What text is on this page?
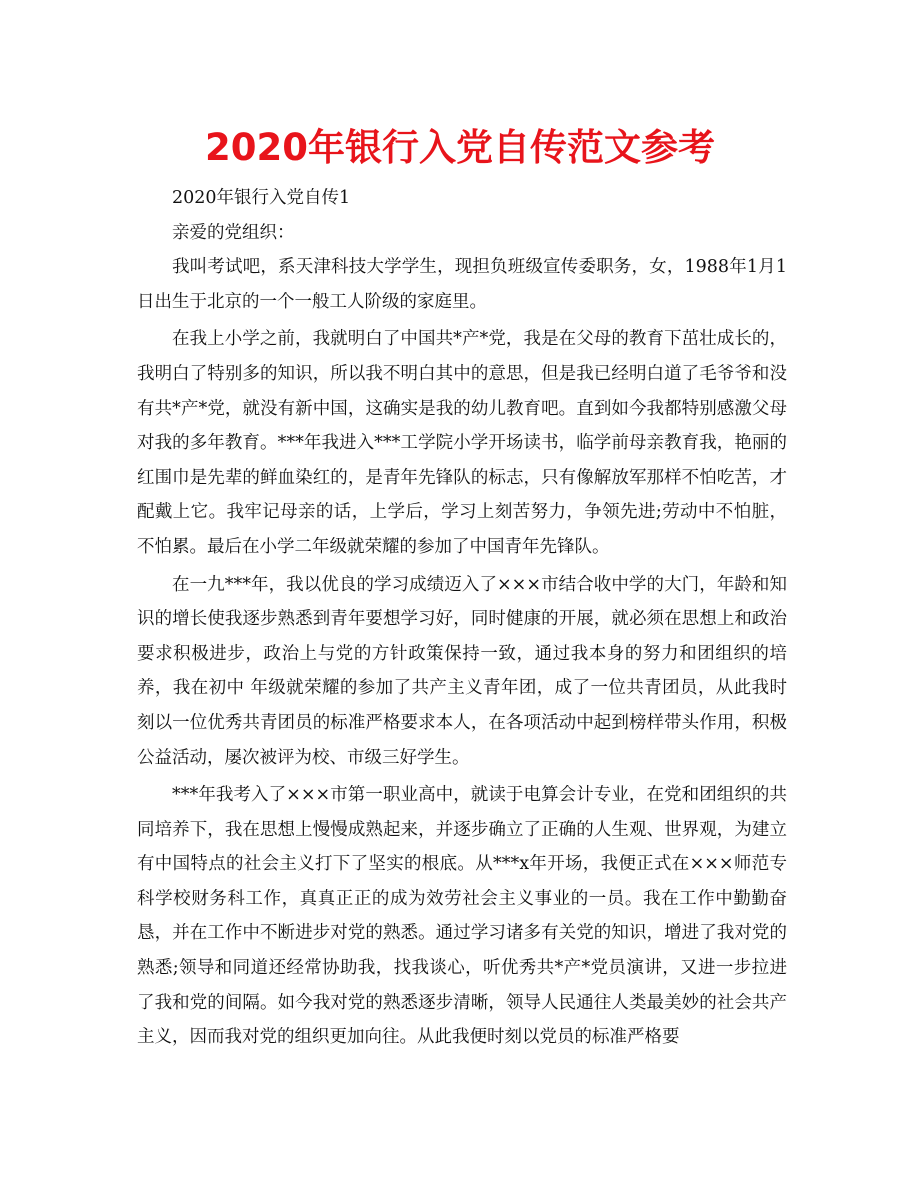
2020年银行入党自传范文参考

2020年银行入党自传1

亲爱的党组织：

我叫考试吧，系天津科技大学学生，现担负班级宣传委职务，女，1988年1月1日出生于北京的一个一般工人阶级的家庭里。

在我上小学之前，我就明白了中国共*产*党，我是在父母的教育下茁壮成长的，我明白了特别多的知识，所以我不明白其中的意思，但是我已经明白道了毛爷爷和没有共*产*党，就没有新中国，这确实是我的幼儿教育吧。直到如今我都特别感激父母对我的多年教育。***年我进入***工学院小学开场读书，临学前母亲教育我，艳丽的红围巾是先辈的鲜血染红的，是青年先锋队的标志，只有像解放军那样不怕吃苦，才配戴上它。我牢记母亲的话，上学后，学习上刻苦努力，争领先进;劳动中不怕脏，不怕累。最后在小学二年级就荣耀的参加了中国青年先锋队。

在一九***年，我以优良的学习成绩迈入了×××市结合收中学的大门，年龄和知识的增长使我逐步熟悉到青年要想学习好，同时健康的开展，就必须在思想上和政治要求积极进步，政治上与党的方针政策保持一致，通过我本身的努力和团组织的培养，我在初中 年级就荣耀的参加了共产主义青年团，成了一位共青团员，从此我时刻以一位优秀共青团员的标准严格要求本人，在各项活动中起到榜样带头作用，积极公益活动，屡次被评为校、市级三好学生。

***年我考入了×××市第一职业高中，就读于电算会计专业，在党和团组织的共同培养下，我在思想上慢慢成熟起来，并逐步确立了正确的人生观、世界观，为建立有中国特点的社会主义打下了坚实的根底。从***x年开场，我便正式在×××师范专科学校财务科工作，真真正正的成为效劳社会主义事业的一员。我在工作中勤勤奋恳，并在工作中不断进步对党的熟悉。通过学习诸多有关党的知识，增进了我对党的熟悉;领导和同道还经常协助我，找我谈心，听优秀共*产*党员演讲，又进一步拉进了我和党的间隔。如今我对党的熟悉逐步清晰，领导人民通往人类最美妙的社会共产主义，因而我对党的组织更加向往。从此我便时刻以党员的标准严格要
